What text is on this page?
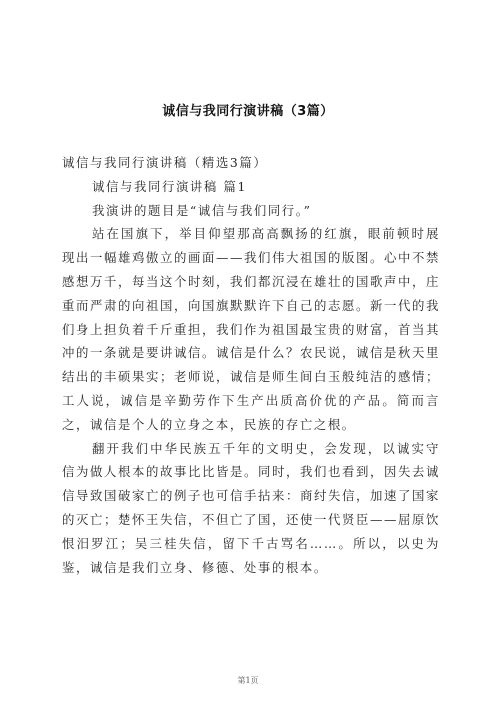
诚信与我同行演讲稿（3篇）

诚信与我同行演讲稿（精选3篇）

诚信与我同行演讲稿 篇1

我演讲的题目是“诚信与我们同行。”

站在国旗下，举目仰望那高高飘扬的红旗，眼前顿时展现出一幅雄鸡傲立的画面——我们伟大祖国的版图。心中不禁感想万千，每当这个时刻，我们都沉浸在雄壮的国歌声中，庄重而严肃的向祖国，向国旗默默许下自己的志愿。新一代的我们身上担负着千斤重担，我们作为祖国最宝贵的财富，首当其冲的一条就是要讲诚信。诚信是什么？农民说，诚信是秋天里结出的丰硕果实；老师说，诚信是师生间白玉般纯洁的感情；工人说，诚信是辛勤劳作下生产出质高价优的产品。简而言之，诚信是个人的立身之本，民族的存亡之根。

翻开我们中华民族五千年的文明史，会发现，以诚实守信为做人根本的故事比比皆是。同时，我们也看到，因失去诚信导致国破家亡的例子也可信手拈来：商纣失信，加速了国家的灭亡；楚怀王失信，不但亡了国，还使一代贤臣——屈原饮恨汨罗江；吴三桂失信，留下千古骂名……。所以，以史为鉴，诚信是我们立身、修德、处事的根本。

第1页
